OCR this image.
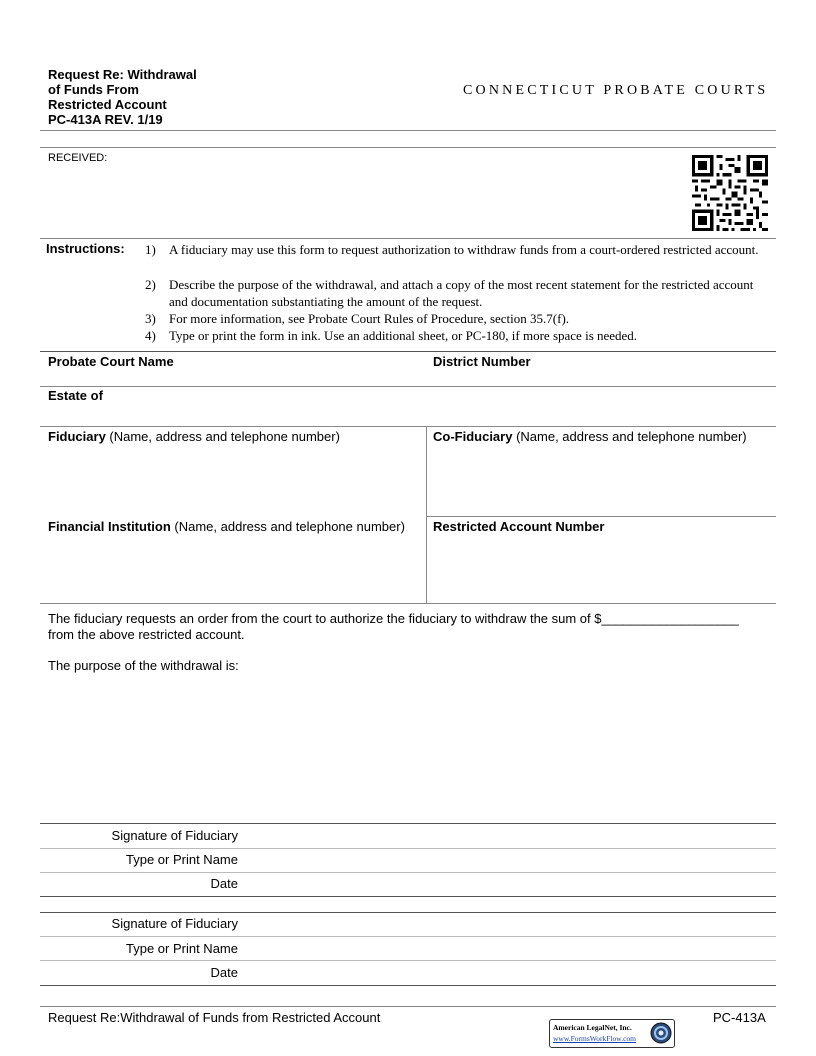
Request Re: Withdrawal
of Funds From
Restricted Account
PC-413A REV. 1/19
CONNECTICUT PROBATE COURTS
RECEIVED:
Instructions: 1)	A fiduciary may use this form to request authorization to withdraw funds from a court-ordered restricted account.
2)	Describe the purpose of the withdrawal, and attach a copy of the most recent statement for the restricted account and documentation substantiating the amount of the request.
3)	For more information, see Probate Court Rules of Procedure, section 35.7(f).
4)	Type or print the form in ink. Use an additional sheet, or PC-180, if more space is needed.
Probate Court Name	District Number
Estate of
Fiduciary (Name, address and telephone number)	Co-Fiduciary (Name, address and telephone number)
Financial Institution (Name, address and telephone number) Restricted Account Number
The fiduciary requests an order from the court to authorize the fiduciary to withdraw the sum of $___________________
from the above restricted account.
The purpose of the withdrawal is:
Signature of Fiduciary
Type or Print Name
Date
Signature of Fiduciary
Type or Print Name
Date
Request Re:Withdrawal of Funds from Restricted Account	PC-413A
American LegalNet, Inc.
www.FormsWorkFlow.com
